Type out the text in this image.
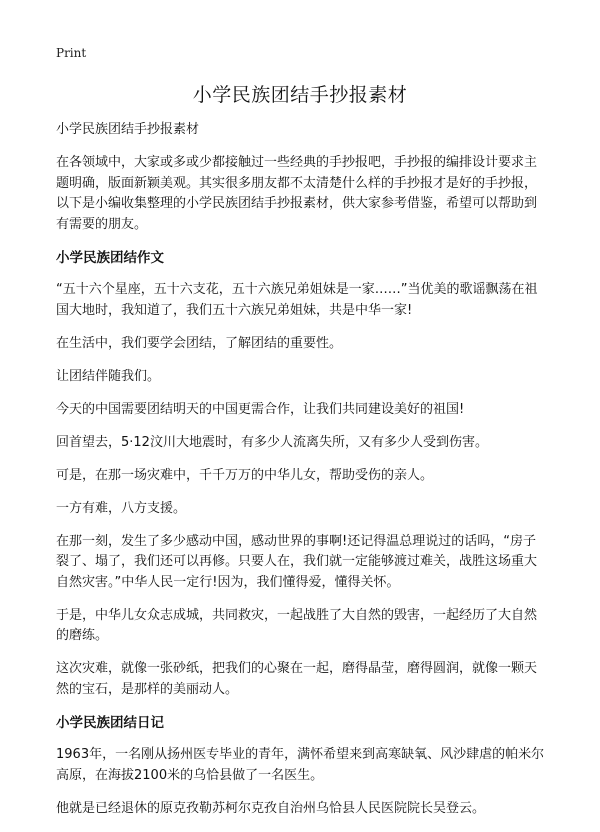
Print
小学民族团结手抄报素材

小学民族团结手抄报素材

在各领域中，大家或多或少都接触过一些经典的手抄报吧，手抄报的编排设计要求主题明确，版面新颖美观。其实很多朋友都不太清楚什么样的手抄报才是好的手抄报，以下是小编收集整理的小学民族团结手抄报素材，供大家参考借鉴，希望可以帮助到有需要的朋友。

小学民族团结作文

“五十六个星座，五十六支花，五十六族兄弟姐妹是一家……”当优美的歌谣飘荡在祖国大地时，我知道了，我们五十六族兄弟姐妹，共是中华一家!

在生活中，我们要学会团结，了解团结的重要性。

让团结伴随我们。

今天的中国需要团结明天的中国更需合作，让我们共同建设美好的祖国!

回首望去，5·12汶川大地震时，有多少人流离失所，又有多少人受到伤害。

可是，在那一场灾难中，千千万万的中华儿女，帮助受伤的亲人。

一方有难，八方支援。

在那一刻，发生了多少感动中国，感动世界的事啊!还记得温总理说过的话吗，“房子裂了、塌了，我们还可以再修。只要人在，我们就一定能够渡过难关，战胜这场重大自然灾害。”中华人民一定行!因为，我们懂得爱，懂得关怀。

于是，中华儿女众志成城，共同救灾，一起战胜了大自然的毁害，一起经历了大自然的磨练。

这次灾难，就像一张砂纸，把我们的心聚在一起，磨得晶莹，磨得圆润，就像一颗天然的宝石，是那样的美丽动人。

小学民族团结日记

1963年，一名刚从扬州医专毕业的青年，满怀希望来到高寒缺氧、风沙肆虐的帕米尔高原，在海拔2100米的乌恰县做了一名医生。

他就是已经退休的原克孜勒苏柯尔克孜自治州乌恰县人民医院院长吴登云。
